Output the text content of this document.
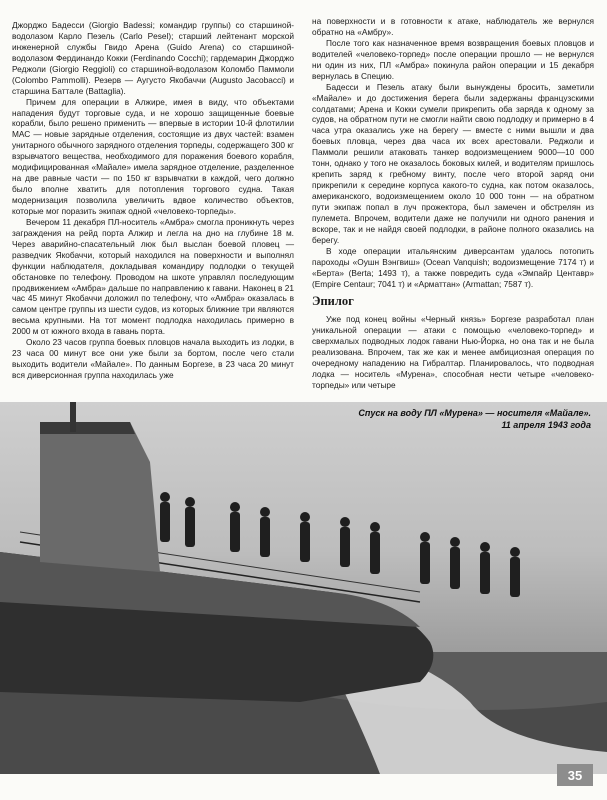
Джорджо Бадесси (Giorgio Badessi; командир группы) со старшиной-водолазом Карло Пезель (Carlo Pesel); старший лейтенант морской инженерной службы Гвидо Арена (Guido Arena) со старшиной-водолазом Фердинандо Кокки (Ferdinando Cocchi); гардемарин Джорджо Реджоли (Giorgio Reggioli) со старшиной-водолазом Коломбо Паммоли (Colombo Pammolli). Резерв — Аугусто Якобаччи (Augusto Jacobacci) и старшина Баттале (Battaglia).

Причем для операции в Алжире, имея в виду, что объектами нападения будут торговые суда, и не хорошо защищенные боевые корабли, было решено применить — впервые в истории 10-й флотилии МАС — новые зарядные отделения, состоящие из двух частей: взамен унитарного обычного зарядного отделения торпеды, содержащего 300 кг взрывчатого вещества, необходимого для поражения боевого корабля, модифицированная «Майале» имела зарядное отделение, разделенное на две равные части — по 150 кг взрывчатки в каждой, чего должно было вполне хватить для потопления торгового судна. Такая модернизация позволила увеличить вдвое количество объектов, которые мог поразить экипаж одной «человеко-торпеды».

Вечером 11 декабря ПЛ-носитель «Амбра» смогла проникнуть через заграждения на рейд порта Алжир и легла на дно на глубине 18 м. Через аварийно-спасательный люк был выслан боевой пловец — разведчик Якобаччи, который находился на поверхности и выполнял функции наблюдателя, докладывая командиру подлодки о текущей обстановке по телефону. Проводом на шкоте управлял последующим продвижением «Амбра» дальше по направлению к гавани. Наконец в 21 час 45 минут Якобаччи доложил по телефону, что «Амбра» оказалась в самом центре группы из шести судов, из которых ближние три являются весьма крупными. На тот момент подлодка находилась примерно в 2000 м от южного входа в гавань порта.

Около 23 часов группа боевых пловцов начала выходить из лодки, в 23 часа 00 минут все они уже были за бортом, после чего стали выходить водители «Майале». По данным Боргезе, в 23 часа 20 минут вся диверсионная группа находилась уже

на поверхности и в готовности к атаке, наблюдатель же вернулся обратно на «Амбру».

После того как назначенное время возвращения боевых пловцов и водителей «человеко-торпед» после операции прошло — не вернулся ни один из них, ПЛ «Амбра» покинула район операции и 15 декабря вернулась в Специю.

Бадесси и Пезель атаку были вынуждены бросить, заметили «Майале» и до достижения берега были задержаны французскими солдатами; Арена и Кокки сумели прикрепить оба заряда к одному за судов, на обратном пути не смогли найти свою подлодку и примерно в 4 часа утра оказались уже на берегу — вместе с ними вышли и два боевых пловца, через два часа их всех арестовали. Реджоли и Паммоли решили атаковать танкер водоизмещением 9000—10 000 тонн, однако у того не оказалось боковых килей, и водителям пришлось крепить заряд к гребному винту, после чего второй заряд они прикрепили к середине корпуса какого-то судна, как потом оказалось, американского, водоизмещением около 10 000 тонн — на обратном пути экипаж попал в луч прожектора, был замечен и обстрелян из пулемета. Впрочем, водители даже не получили ни одного ранения и вскоре, так и не найдя своей подлодки, в районе полного оказались на берегу.

В ходе операции итальянским диверсантам удалось потопить пароходы «Оушн Вэнгвиш» (Ocean Vanquish; водоизмещение 7174 т) и «Берта» (Berta; 1493 т), а также повредить суда «Эмпайр Центавр» (Empire Centaur; 7041 т) и «Арматтан» (Armattan; 7587 т).

Эпилог

Уже под конец войны «Черный князь» Боргезе разработал план уникальной операции — атаки с помощью «человеко-торпед» и сверхмалых подводных лодок гавани Нью-Йорка, но она так и не была реализована. Впрочем, так же как и менее амбициозная операция по очередному нападению на Гибралтар. Планировалось, что подводная лодка — носитель «Мурена», способная нести четыре «человеко-торпеды» или четыре

Спуск на воду ПЛ «Мурена» — носителя «Майале».
11 апреля 1943 года
35
